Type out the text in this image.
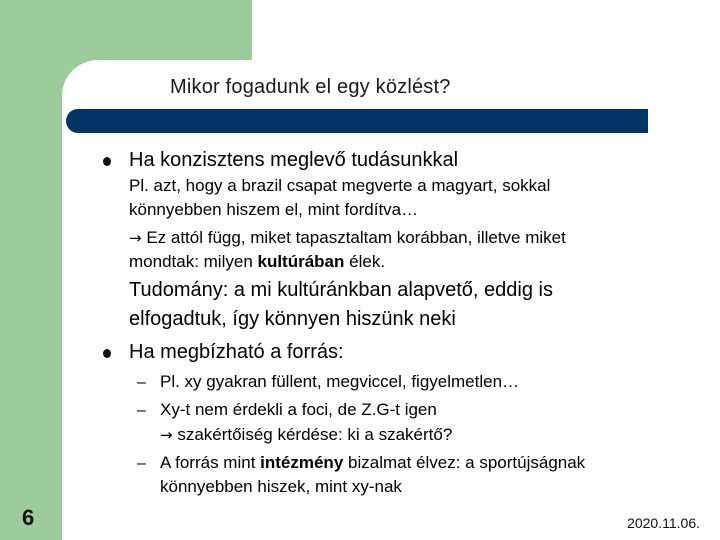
Mikor fogadunk el egy közlést?
Ha konzisztens meglevő tudásunkkal
Pl. azt, hogy a brazil csapat megverte a magyart, sokkal
könnyebben hiszem el, mint fordítva…
→ Ez attól függ, miket tapasztaltam korábban, illetve miket
mondtak: milyen kultúrában élek.
Tudomány: a mi kultúránkban alapvető, eddig is
elfogadtuk, így könnyen hiszünk neki
Ha megbízható a forrás:
– Pl. xy gyakran füllent, megviccel, figyelmetlen…
– Xy-t nem érdekli a foci, de Z.G-t igen
→ szakértőiség kérdése: ki a szakértő?
– A forrás mint intézmény bizalmat élvez: a sportújságnak
könnyebben hiszek, mint xy-nak
6	2020.11.06.
